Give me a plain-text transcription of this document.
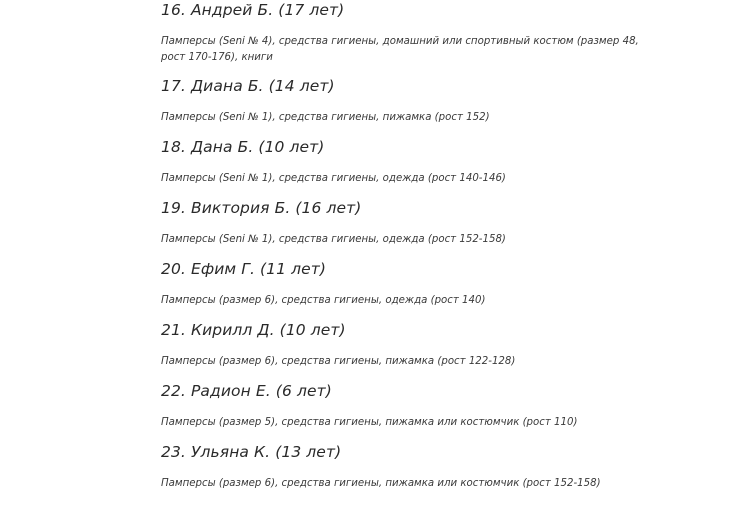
16. Андрей Б. (17 лет)
Памперсы (Seni № 4), средства гигиены, домашний или спортивный костюм (размер 48, рост 170-176), книги
17. Диана Б. (14 лет)
Памперсы (Seni № 1), средства гигиены, пижамка (рост 152)
18. Дана Б. (10 лет)
Памперсы (Seni № 1), средства гигиены, одежда (рост 140-146)
19. Виктория Б. (16 лет)
Памперсы (Seni № 1), средства гигиены, одежда (рост 152-158)
20. Ефим Г. (11 лет)
Памперсы (размер 6), средства гигиены, одежда (рост 140)
21. Кирилл Д. (10 лет)
Памперсы (размер 6), средства гигиены, пижамка (рост 122-128)
22. Радион Е. (6 лет)
Памперсы (размер 5), средства гигиены, пижамка или костюмчик (рост 110)
23. Ульяна К. (13 лет)
Памперсы (размер 6), средства гигиены, пижамка или костюмчик (рост 152-158)
